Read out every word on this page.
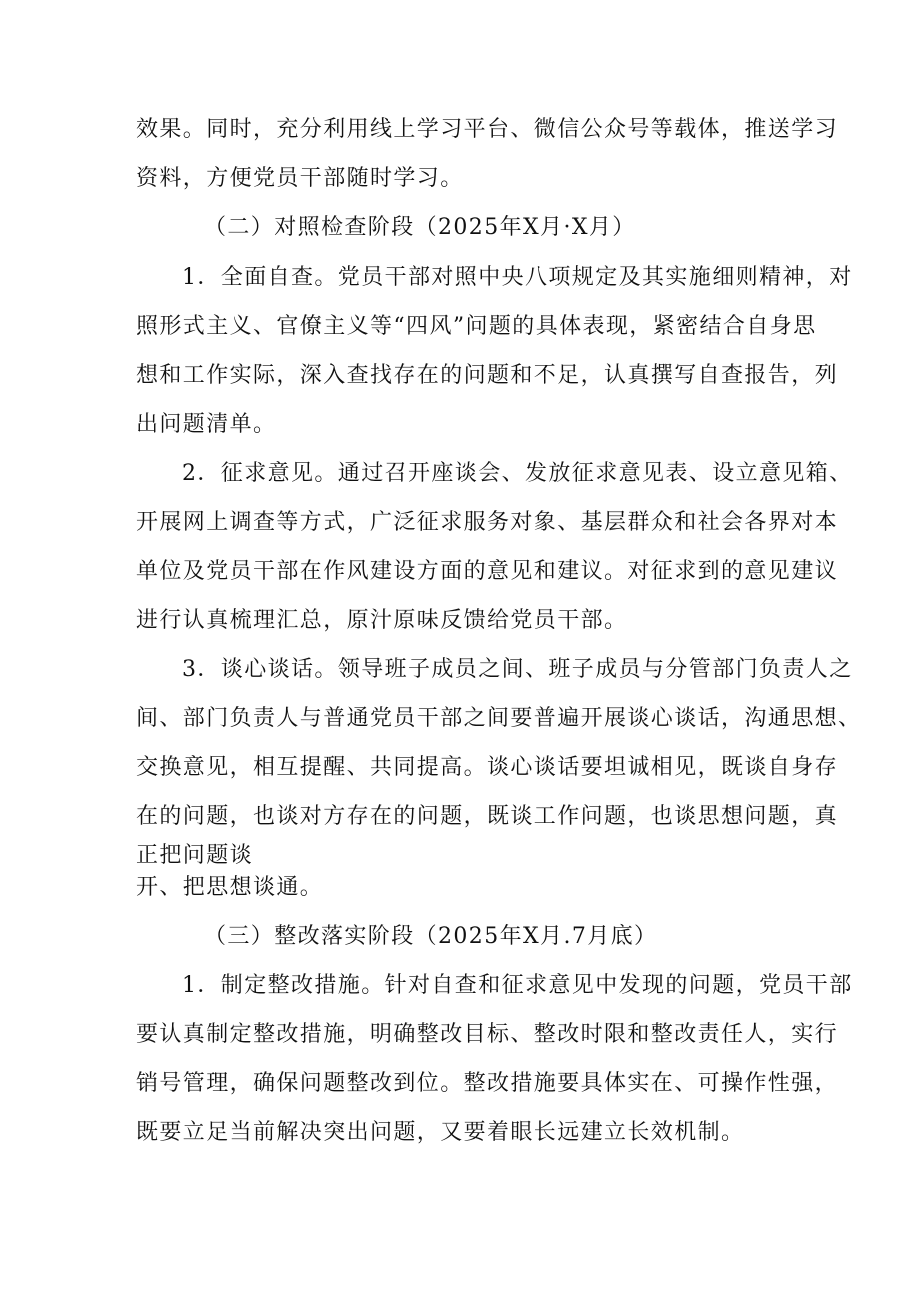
效果。同时，充分利用线上学习平台、微信公众号等载体，推送学习
资料，方便党员干部随时学习。
（二）对照检查阶段（2025年X月·X月）
1．全面自查。党员干部对照中央八项规定及其实施细则精神，对
照形式主义、官僚主义等“四风”问题的具体表现，紧密结合自身思
想和工作实际，深入查找存在的问题和不足，认真撰写自查报告，列
出问题清单。
2．征求意见。通过召开座谈会、发放征求意见表、设立意见箱、
开展网上调查等方式，广泛征求服务对象、基层群众和社会各界对本
单位及党员干部在作风建设方面的意见和建议。对征求到的意见建议
进行认真梳理汇总，原汁原味反馈给党员干部。
3．谈心谈话。领导班子成员之间、班子成员与分管部门负责人之
间、部门负责人与普通党员干部之间要普遍开展谈心谈话，沟通思想、
交换意见，相互提醒、共同提高。谈心谈话要坦诚相见，既谈自身存
在的问题，也谈对方存在的问题，既谈工作问题，也谈思想问题，真
正把问题谈
开、把思想谈通。
（三）整改落实阶段（2025年X月.7月底）
1．制定整改措施。针对自查和征求意见中发现的问题，党员干部
要认真制定整改措施，明确整改目标、整改时限和整改责任人，实行
销号管理，确保问题整改到位。整改措施要具体实在、可操作性强，
既要立足当前解决突出问题，又要着眼长远建立长效机制。
